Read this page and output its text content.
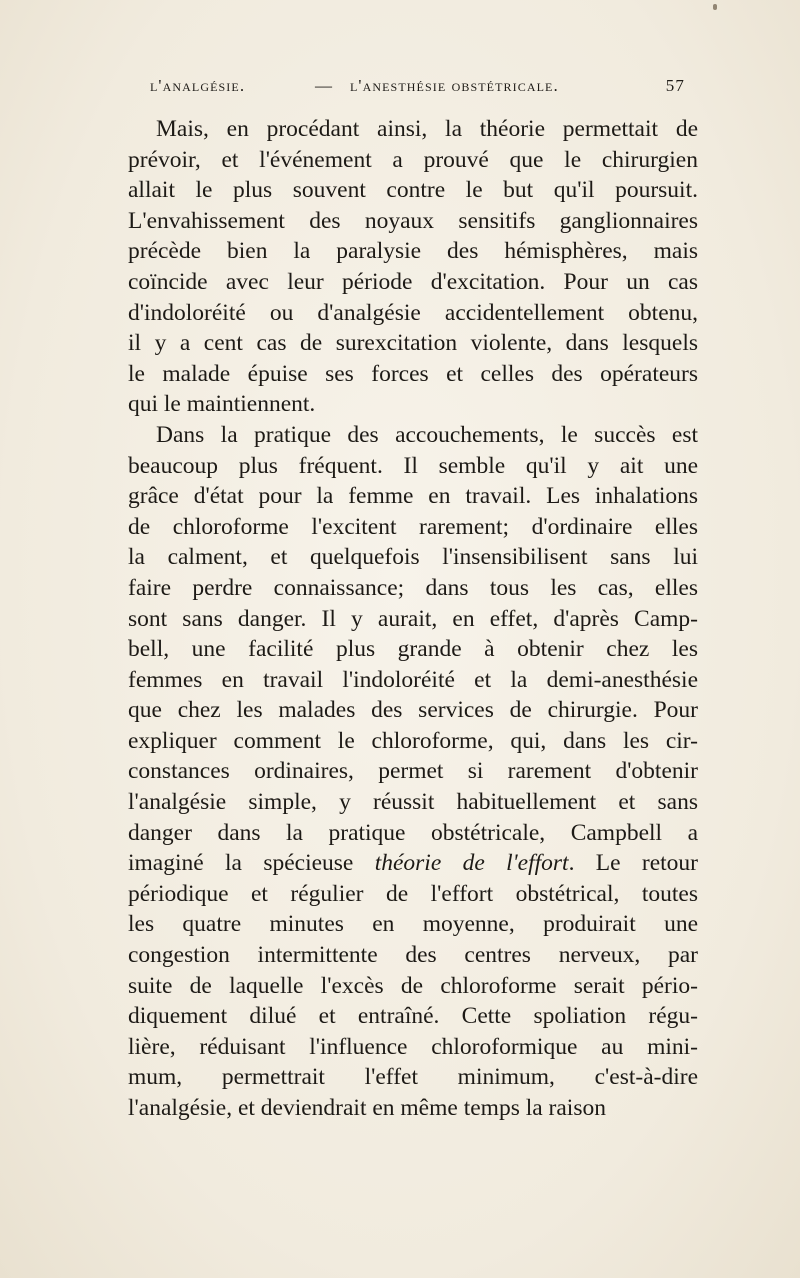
l'analgésie.	— l'anesthésie obstétricale.	57
Mais, en procédant ainsi, la théorie permettait de
prévoir, et l'événement a prouvé que le chirurgien
allait le plus souvent contre le but qu'il poursuit.
L'envahissement des noyaux sensitifs ganglionnaires
précède bien la paralysie des hémisphères, mais
coïncide avec leur période d'excitation. Pour un cas
d'indoloréité ou d'analgésie accidentellement obtenu,
il y a cent cas de surexcitation violente, dans lesquels
le malade épuise ses forces et celles des opérateurs
qui le maintiennent.
Dans la pratique des accouchements, le succès est
beaucoup plus fréquent. Il semble qu'il y ait une
grâce d'état pour la femme en travail. Les inhalations
de chloroforme l'excitent rarement; d'ordinaire elles
la calment, et quelquefois l'insensibilisent sans lui
faire perdre connaissance; dans tous les cas, elles
sont sans danger. Il y aurait, en effet, d'après Camp-
bell, une facilité plus grande à obtenir chez les
femmes en travail l'indoloréité et la demi-anesthésie
que chez les malades des services de chirurgie. Pour
expliquer comment le chloroforme, qui, dans les cir-
constances ordinaires, permet si rarement d'obtenir
l'analgésie simple, y réussit habituellement et sans
danger dans la pratique obstétricale, Campbell a
imaginé la spécieuse théorie de l'effort. Le retour
périodique et régulier de l'effort obstétrical, toutes
les quatre minutes en moyenne, produirait une
congestion intermittente des centres nerveux, par
suite de laquelle l'excès de chloroforme serait pério-
diquement dilué et entraîné. Cette spoliation régu-
lière, réduisant l'influence chloroformique au mini-
mum, permettrait l'effet minimum, c'est-à-dire
l'analgésie, et deviendrait en même temps la raison
